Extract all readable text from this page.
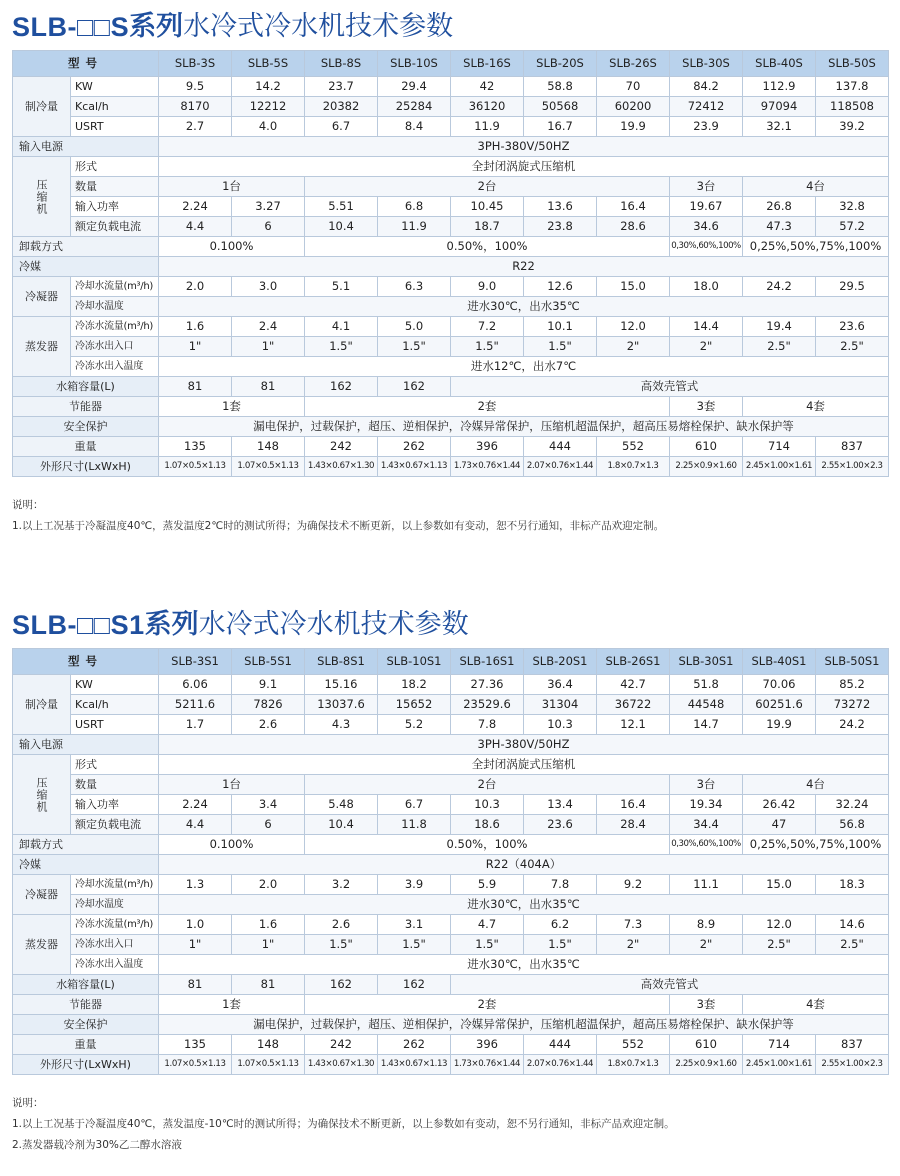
SLB-□□S 系列 水冷式冷水机技术参数
型号		SLB-3S	SLB-5S	SLB-8S	SLB-10S	SLB-16S	SLB-20S	SLB-26S	SLB-30S	SLB-40S	SLB-50S
制冷量	KW	9.5	14.2	23.7	29.4	42	58.8	70	84.2	112.9	137.8
	Kcal/h	8170	12212	20382	25284	36120	50568	60200	72412	97094	118508
	USRT	2.7	4.0	6.7	8.4	11.9	16.7	19.9	23.9	32.1	39.2
输入电源		3PH-380V/50HZ									
压缩机	形式	全封闭涡旋式压缩机									
	数量	1台		2台					3台	4台	
	输入功率	2.24	3.27	5.51	6.8	10.45	13.6	16.4	19.67	26.8	32.8
	额定负载电流	4.4	6	10.4	11.9	18.7	23.8	28.6	34.6	47.3	57.2
卸载方式		0.100%		0.50%，100%					0,30%,60%,100%	0,25%,50%,75%,100%	
冷媒		R22									
冷凝器	冷却水流量(m³/h)	2.0	3.0	5.1	6.3	9.0	12.6	15.0	18.0	24.2	29.5
	冷却水温度	进水30℃，出水35℃									
蒸发器	冷冻水流量(m³/h)	1.6	2.4	4.1	5.0	7.2	10.1	12.0	14.4	19.4	23.6
	冷冻水出入口	1"	1"	1.5"	1.5"	1.5"	1.5"	2"	2"	2.5"	2.5"
	冷冻水出入温度	进水12℃，出水7℃									
水箱容量(L)		81	81	162	162	高效壳管式					
节能器		1套		2套					3套	4套	
安全保护		漏电保护，过载保护，超压、逆相保护，冷媒异常保护，压缩机超温保护，超高压易熔栓保护、缺水保护等									
重量		135	148	242	262	396	444	552	610	714	837
外形尺寸(LxWxH)		1.07×0.5×1.13	1.07×0.5×1.13	1.43×0.67×1.30	1.43×0.67×1.13	1.73×0.76×1.44	2.07×0.76×1.44	1.8×0.7×1.3	2.25×0.9×1.60	2.45×1.00×1.61	2.55×1.00×2.3
说明：
1.以上工况基于冷凝温度40℃，蒸发温度2℃时的测试所得；为确保技术不断更新，以上参数如有变动，恕不另行通知，非标产品欢迎定制。
SLB-□□S1 系列 水冷式冷水机技术参数
型号		SLB-3S1	SLB-5S1	SLB-8S1	SLB-10S1	SLB-16S1	SLB-20S1	SLB-26S1	SLB-30S1	SLB-40S1	SLB-50S1
制冷量	KW	6.06	9.1	15.16	18.2	27.36	36.4	42.7	51.8	70.06	85.2
	Kcal/h	5211.6	7826	13037.6	15652	23529.6	31304	36722	44548	60251.6	73272
	USRT	1.7	2.6	4.3	5.2	7.8	10.3	12.1	14.7	19.9	24.2
输入电源		3PH-380V/50HZ									
压缩机	形式	全封闭涡旋式压缩机									
	数量	1台		2台					3台	4台	
	输入功率	2.24	3.4	5.48	6.7	10.3	13.4	16.4	19.34	26.42	32.24
	额定负载电流	4.4	6	10.4	11.8	18.6	23.6	28.4	34.4	47	56.8
卸载方式		0.100%		0.50%，100%					0,30%,60%,100%	0,25%,50%,75%,100%	
冷媒		R22（404A）									
冷凝器	冷却水流量(m³/h)	1.3	2.0	3.2	3.9	5.9	7.8	9.2	11.1	15.0	18.3
	冷却水温度	进水30℃，出水35℃									
蒸发器	冷冻水流量(m³/h)	1.0	1.6	2.6	3.1	4.7	6.2	7.3	8.9	12.0	14.6
	冷冻水出入口	1"	1"	1.5"	1.5"	1.5"	1.5"	2"	2"	2.5"	2.5"
	冷冻水出入温度	进水30℃，出水35℃									
水箱容量(L)		81	81	162	162	高效壳管式					
节能器		1套		2套					3套	4套	
安全保护		漏电保护，过载保护，超压、逆相保护，冷媒异常保护，压缩机超温保护，超高压易熔栓保护、缺水保护等									
重量		135	148	242	262	396	444	552	610	714	837
外形尺寸(LxWxH)		1.07×0.5×1.13	1.07×0.5×1.13	1.43×0.67×1.30	1.43×0.67×1.13	1.73×0.76×1.44	2.07×0.76×1.44	1.8×0.7×1.3	2.25×0.9×1.60	2.45×1.00×1.61	2.55×1.00×2.3
说明：
1.以上工况基于冷凝温度40℃，蒸发温度-10℃时的测试所得；为确保技术不断更新，以上参数如有变动，恕不另行通知，非标产品欢迎定制。
2.蒸发器载冷剂为30%乙二醇水溶液
